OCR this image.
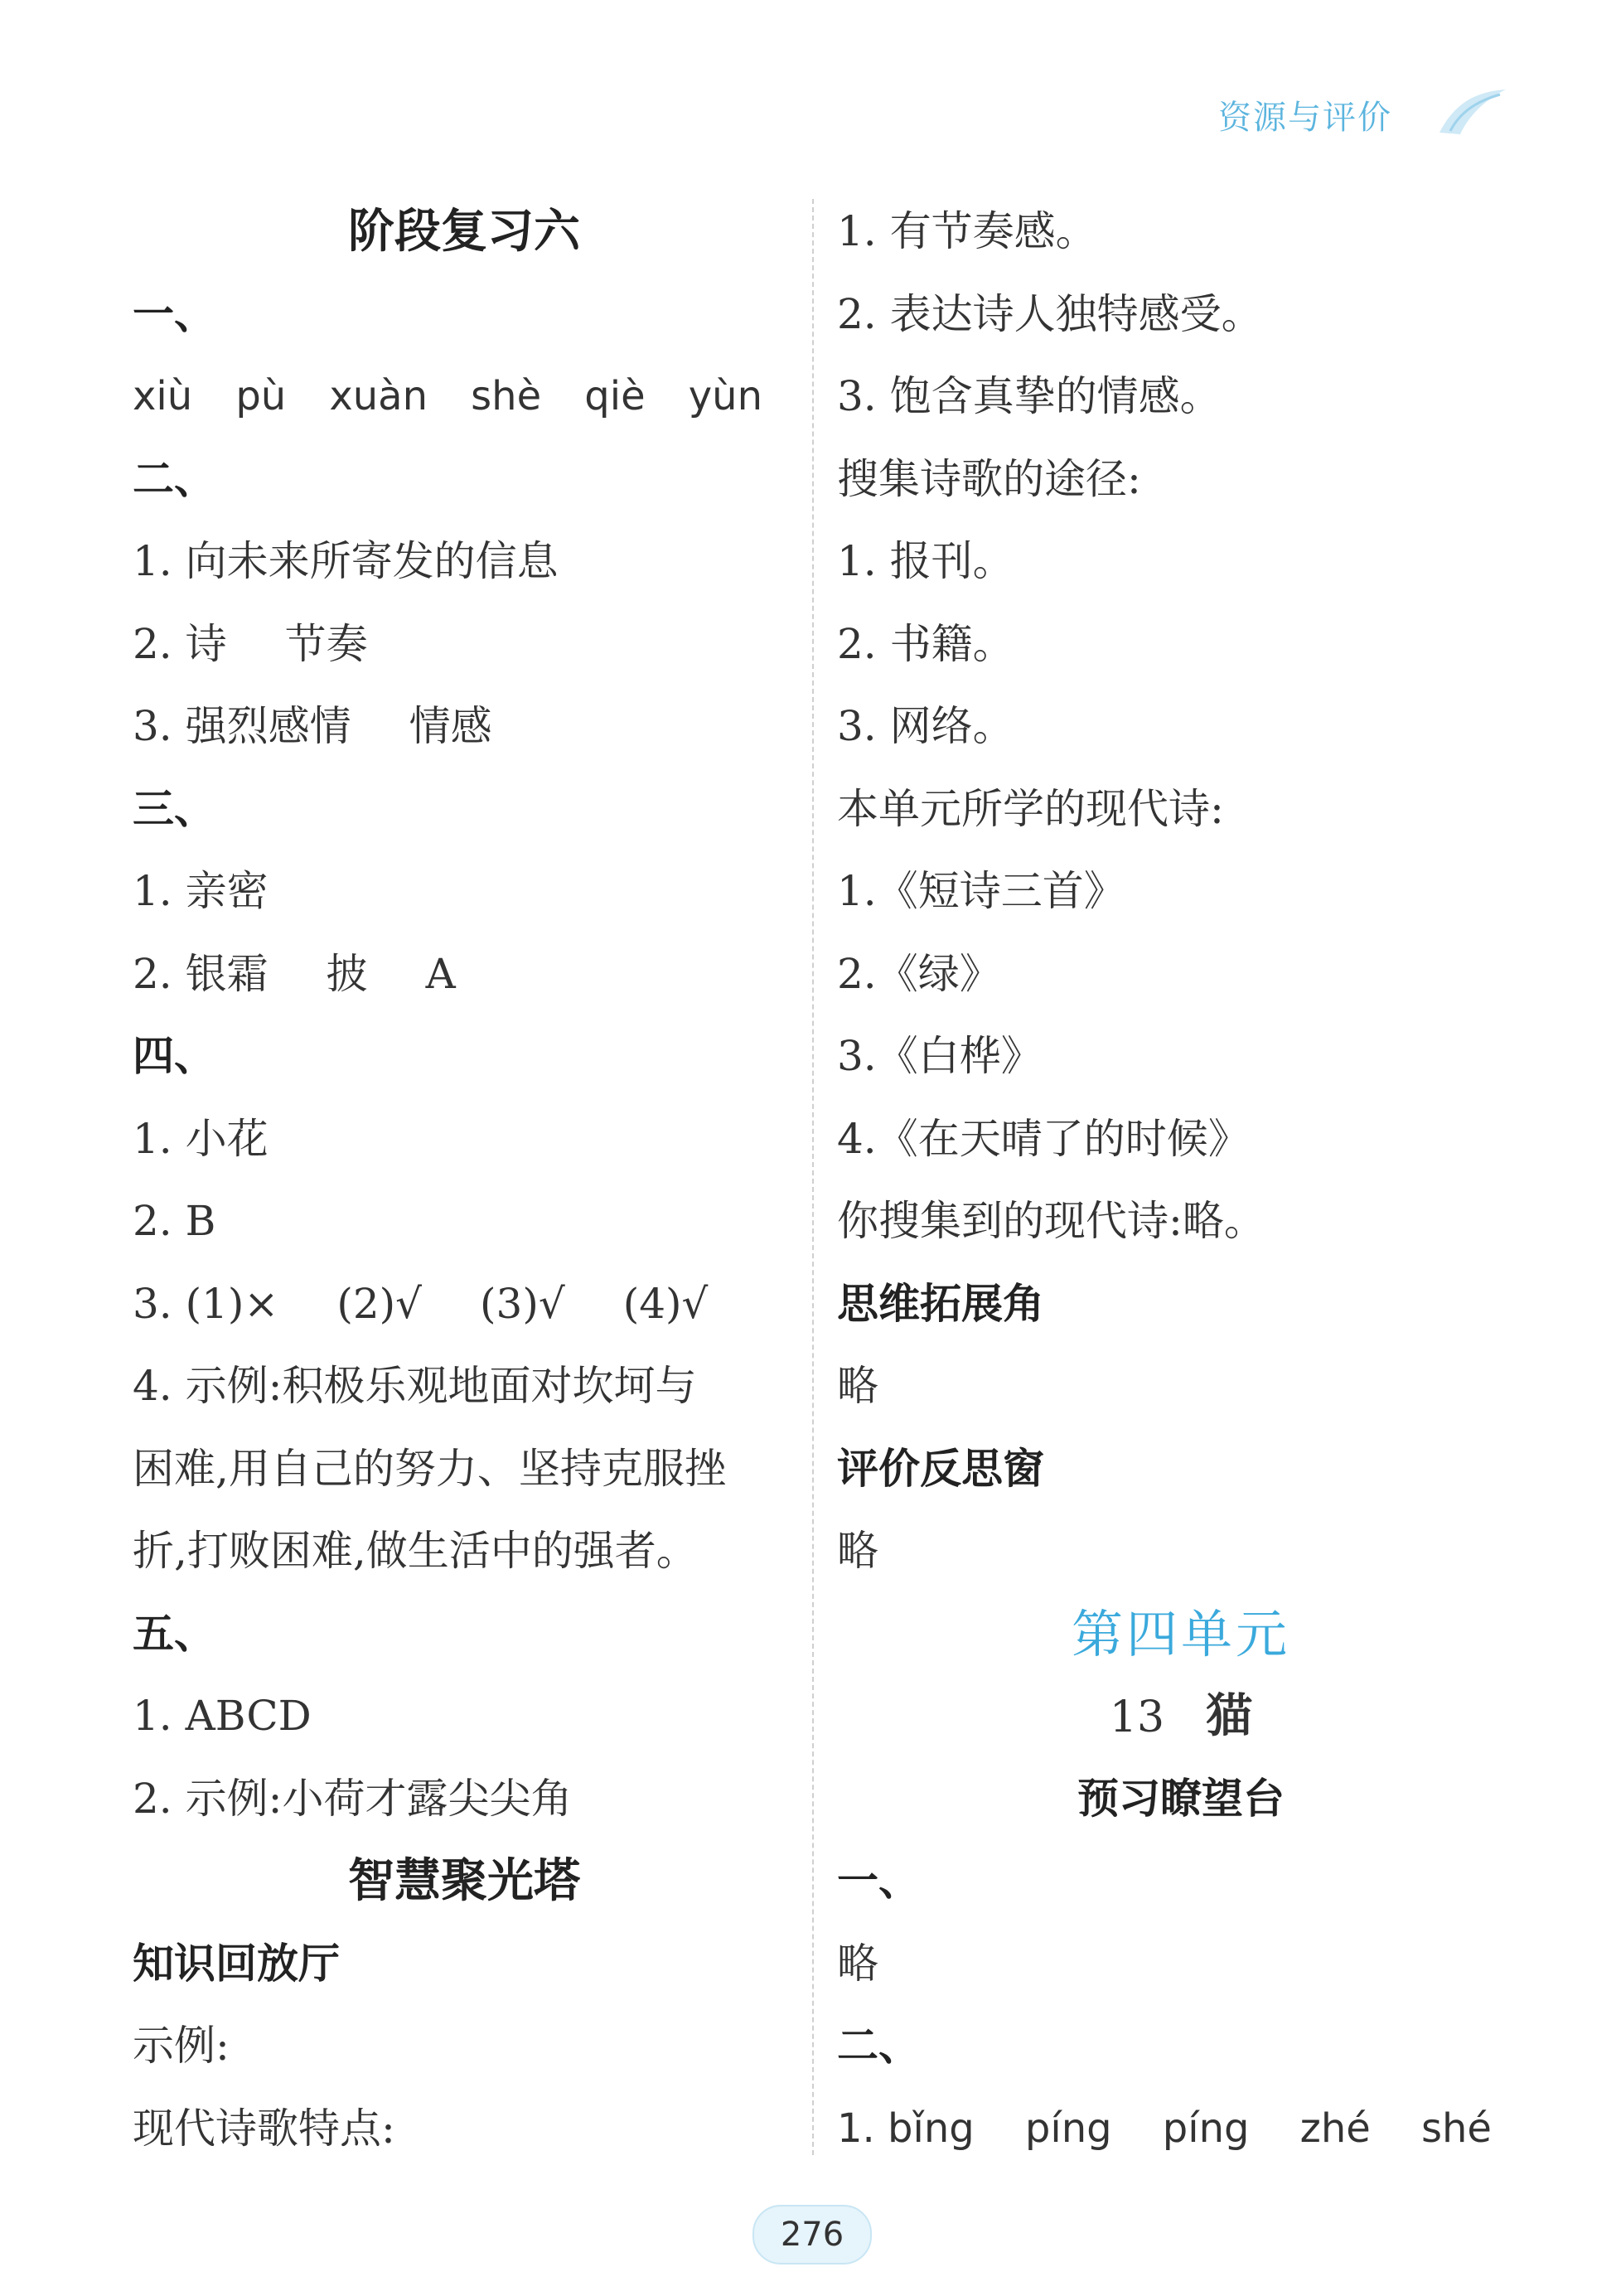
资源与评价
阶段复习六
一、
xiù pù xuàn shè qiè yùn
二、
1. 向未来所寄发的信息
2. 诗 节奏
3. 强烈感情 情感
三、
1. 亲密
2. 银霜 披 A
四、
1. 小花
2. B
3. (1)× (2)√ (3)√ (4)√
4. 示例:积极乐观地面对坎坷与
困难,用自己的努力、坚持克服挫
折,打败困难,做生活中的强者。
五、
1. ABCD
2. 示例:小荷才露尖尖角
智慧聚光塔
知识回放厅
示例:
现代诗歌特点:
1. 有节奏感。
2. 表达诗人独特感受。
3. 饱含真挚的情感。
搜集诗歌的途径:
1. 报刊。
2. 书籍。
3. 网络。
本单元所学的现代诗:
1.《短诗三首》
2.《绿》
3.《白桦》
4.《在天晴了的时候》
你搜集到的现代诗:略。
思维拓展角
略
评价反思窗
略
第四单元
13 猫
预习瞭望台
一、
略
二、
1. bǐng píng píng zhé shé
276
